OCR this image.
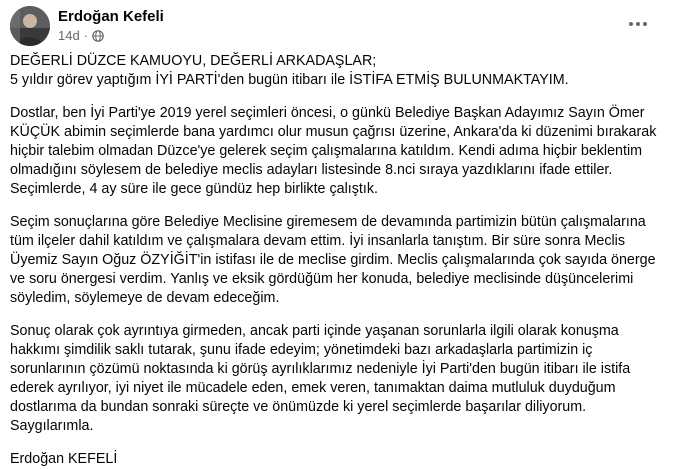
Erdoğan Kefeli
14d ·

DEĞERLİ DÜZCE KAMUOYU, DEĞERLİ ARKADAŞLAR;
5 yıldır görev yaptığım İYİ PARTİ'den bugün itibarı ile İSTİFA ETMİŞ BULUNMAKTAYIM.

Dostlar, ben İyi Parti'ye 2019 yerel seçimleri öncesi, o günkü Belediye Başkan Adayımız Sayın Ömer KÜÇÜK abimin seçimlerde bana yardımcı olur musun çağrısı üzerine, Ankara'da ki düzenimi bırakarak hiçbir talebim olmadan Düzce'ye gelerek seçim çalışmalarına katıldım. Kendi adıma hiçbir beklentim olmadığını söylesem de belediye meclis adayları listesinde 8.nci sıraya yazdıklarını ifade ettiler. Seçimlerde, 4 ay süre ile gece gündüz hep birlikte çalıştık.

Seçim sonuçlarına göre Belediye Meclisine giremesem de devamında partimizin bütün çalışmalarına tüm ilçeler dahil katıldım ve çalışmalara devam ettim. İyi insanlarla tanıştım. Bir süre sonra Meclis Üyemiz Sayın Oğuz ÖZYİĞİT'in istifası ile de meclise girdim. Meclis çalışmalarında çok sayıda önerge ve soru önergesi verdim. Yanlış ve eksik gördüğüm her konuda, belediye meclisinde düşüncelerimi söyledim, söylemeye de devam edeceğim.

Sonuç olarak çok ayrıntıya girmeden, ancak parti içinde yaşanan sorunlarla ilgili olarak konuşma hakkımı şimdilik saklı tutarak, şunu ifade edeyim; yönetimdeki bazı arkadaşlarla partimizin iç sorunlarının çözümü noktasında ki görüş ayrılıklarımız nedeniyle İyi Parti'den bugün itibarı ile istifa ederek ayrılıyor, iyi niyet ile mücadele eden, emek veren, tanımaktan daima mutluluk duyduğum dostlarıma da bundan sonraki süreçte ve önümüzde ki yerel seçimlerde başarılar diliyorum.
Saygılarımla.

Erdoğan KEFELİ
